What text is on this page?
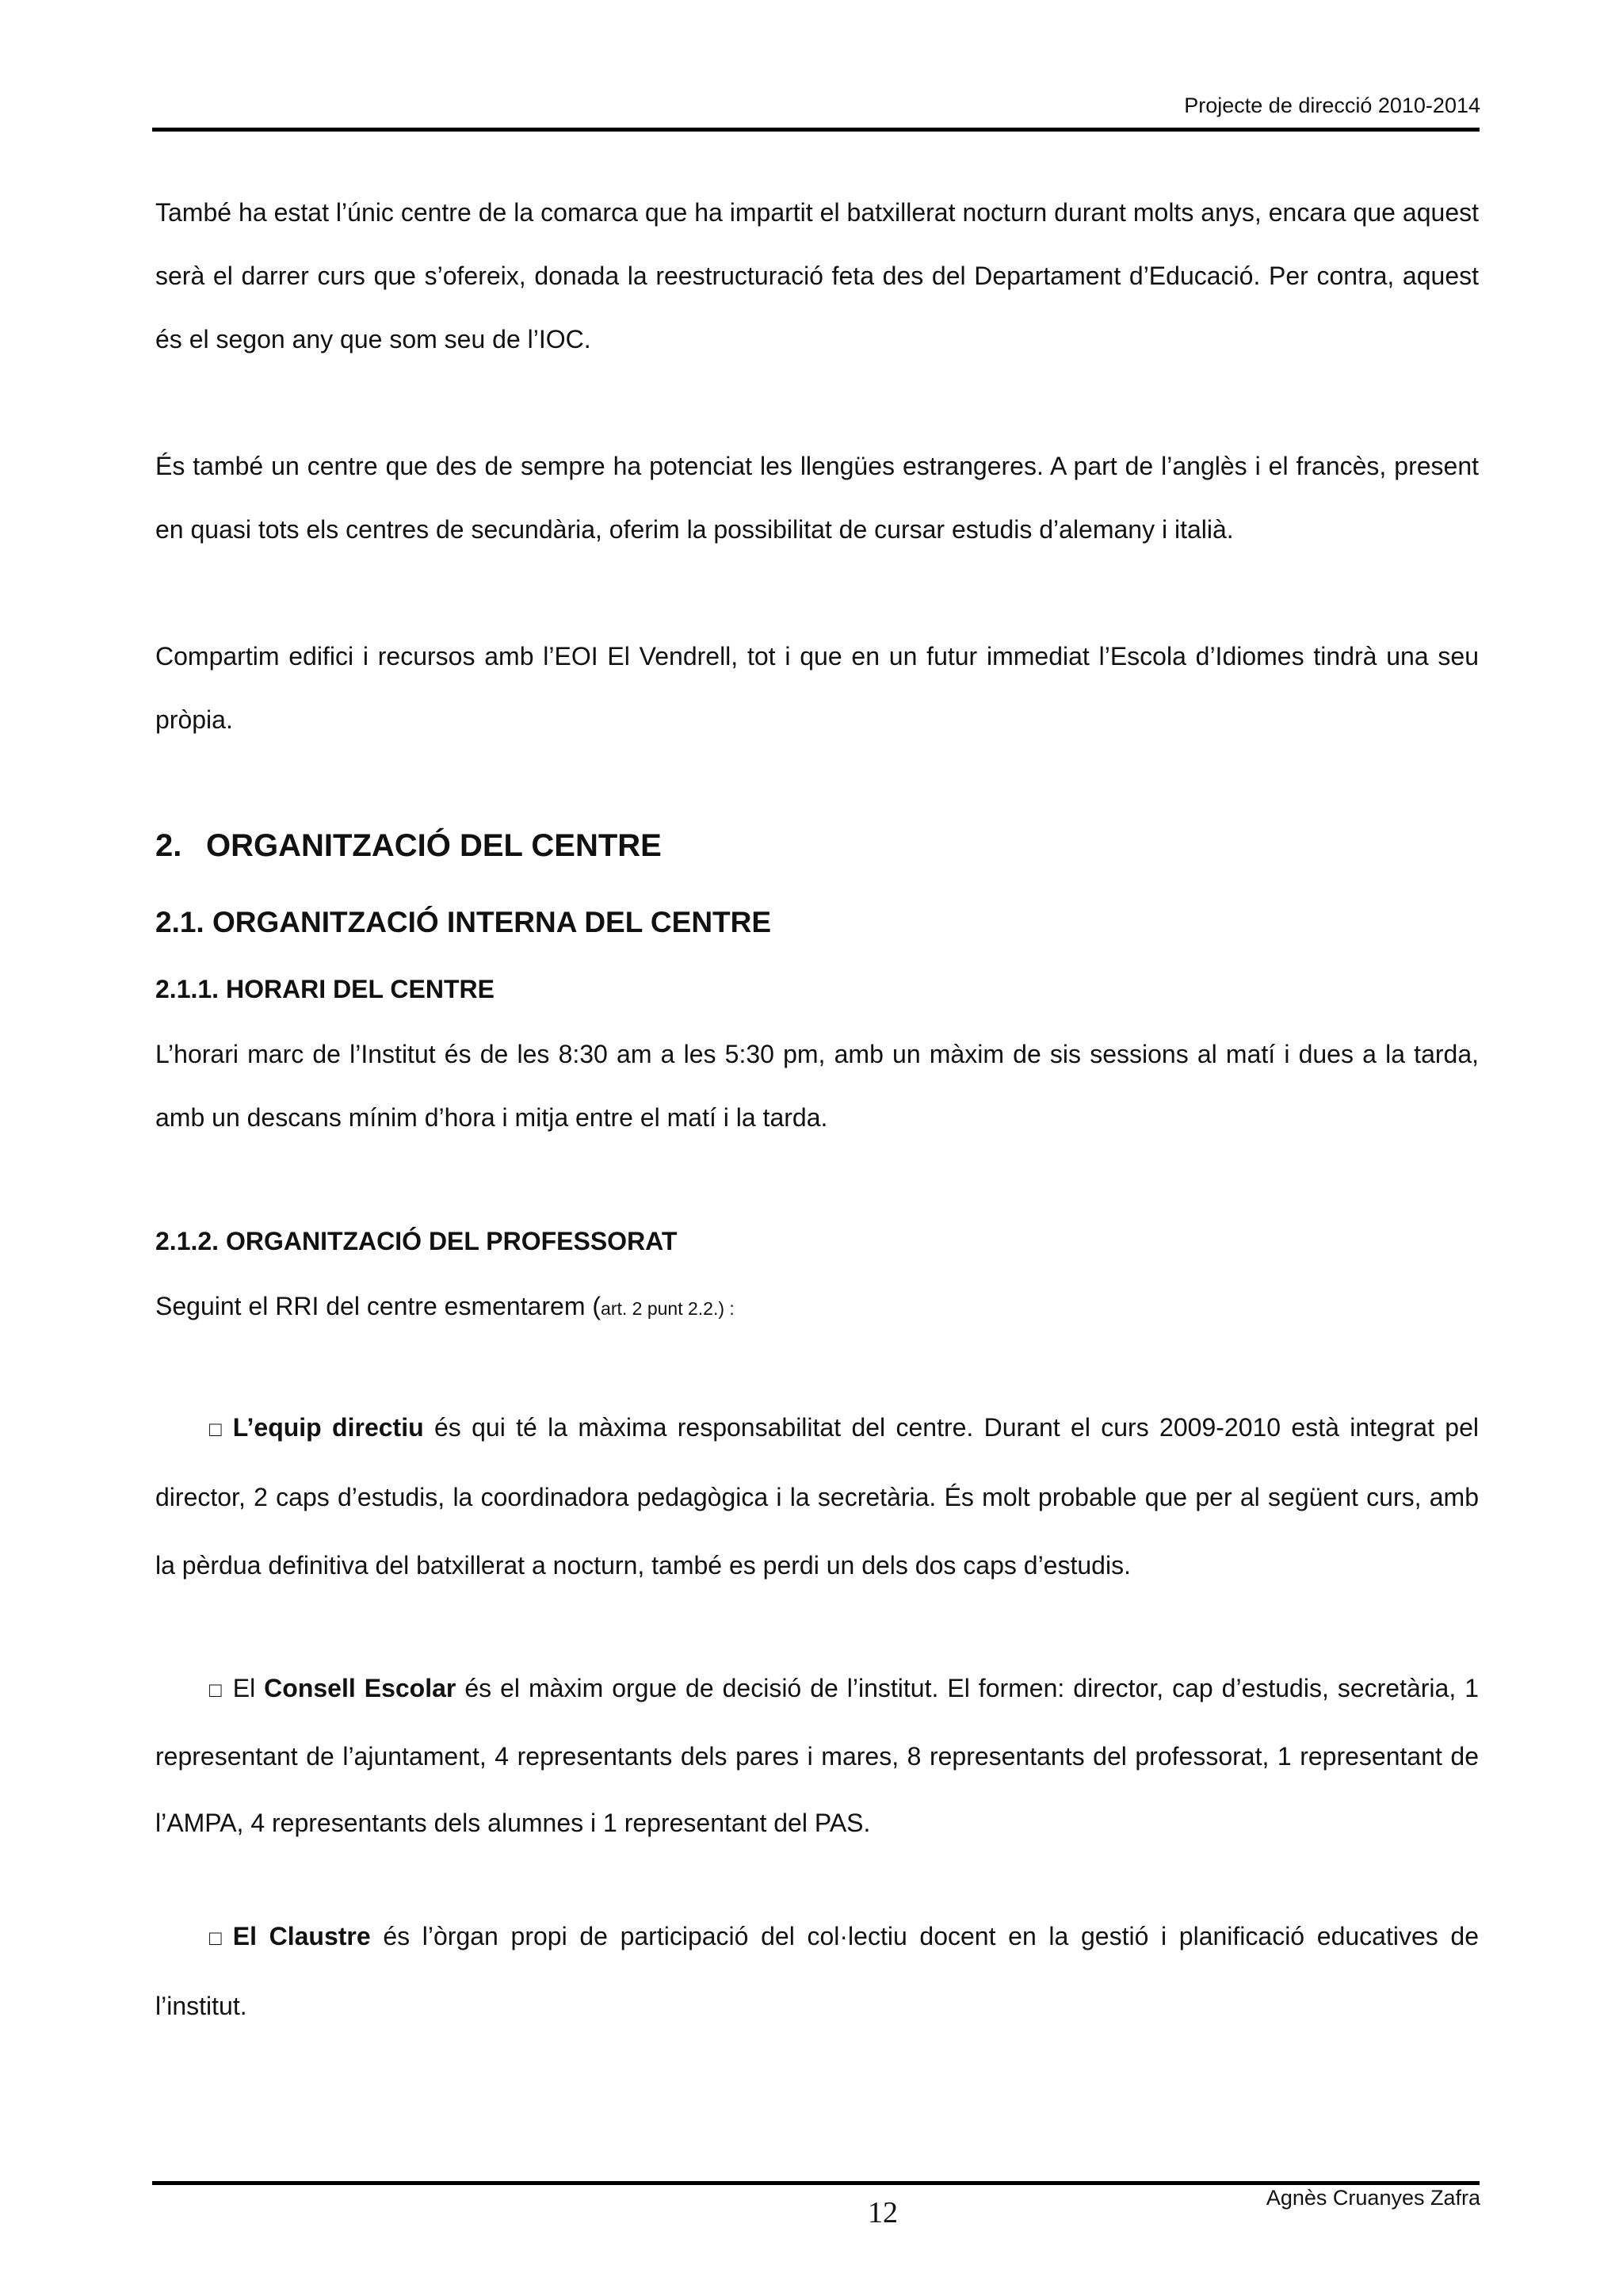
Projecte de direcció 2010-2014
També ha estat l’únic centre de la comarca que ha impartit el batxillerat nocturn durant molts anys, encara que aquest serà el darrer curs que s’ofereix, donada la reestructuració feta des del Departament d’Educació. Per contra, aquest és el segon any que som seu de l’IOC.
És també un centre que des de sempre ha potenciat les llengües estrangeres. A part de l’anglès i el francès, present en quasi tots els centres de secundària, oferim la possibilitat de cursar estudis d’alemany i italià.
Compartim edifici i recursos amb l’EOI El Vendrell, tot i que en un futur immediat l’Escola d’Idiomes tindrà una seu pròpia.
2. ORGANITZACIÓ DEL CENTRE
2.1. ORGANITZACIÓ INTERNA DEL CENTRE
2.1.1. HORARI DEL CENTRE
L’horari marc de l’Institut és de les 8:30 am a les 5:30 pm, amb un màxim de sis sessions al matí i dues a la tarda, amb un descans mínim d’hora i mitja entre el matí i la tarda.
2.1.2. ORGANITZACIÓ DEL PROFESSORAT
Seguint el RRI del centre esmentarem (art. 2 punt 2.2.) :
□ L’equip directiu és qui té la màxima responsabilitat del centre. Durant el curs 2009-2010 està integrat pel director, 2 caps d’estudis, la coordinadora pedagògica i la secretària. És molt probable que per al següent curs, amb la pèrdua definitiva del batxillerat a nocturn, també es perdi un dels dos caps d’estudis.
□ El Consell Escolar és el màxim orgue de decisió de l’institut. El formen: director, cap d’estudis, secretària, 1 representant de l’ajuntament, 4 representants dels pares i mares, 8 representants del professorat, 1 representant de l’AMPA, 4 representants dels alumnes i 1 representant del PAS.
□ El Claustre és l’òrgan propi de participació del col·lectiu docent en la gestió i planificació educatives de l’institut.
12	Agnès Cruanyes Zafra
